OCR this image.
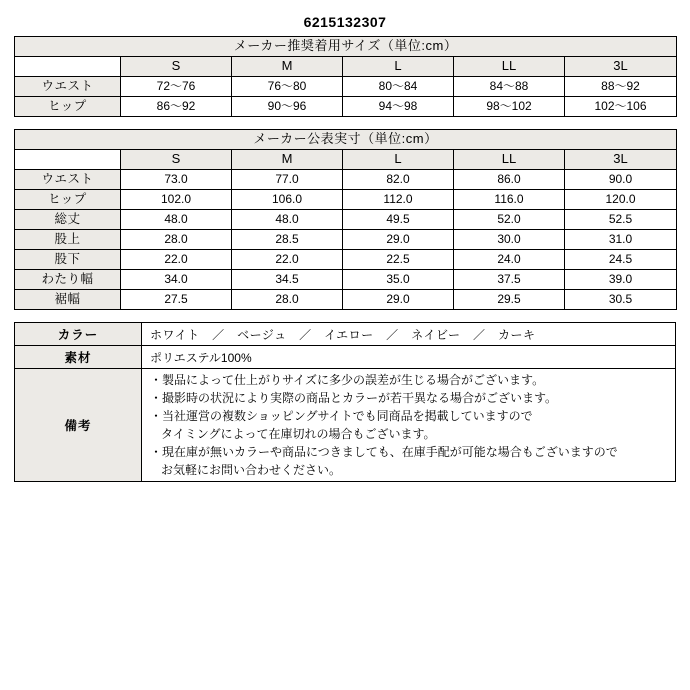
6215132307
メーカー推奨着用サイズ（単位:cm）					
	S	M	L	LL	3L
ウエスト	72〜76	76〜80	80〜84	84〜88	88〜92
ヒップ	86〜92	90〜96	94〜98	98〜102	102〜106
メーカー公表実寸（単位:cm）					
	S	M	L	LL	3L
ウエスト	73.0	77.0	82.0	86.0	90.0
ヒップ	102.0	106.0	112.0	116.0	120.0
総丈	48.0	48.0	49.5	52.0	52.5
股上	28.0	28.5	29.0	30.0	31.0
股下	22.0	22.0	22.5	24.0	24.5
わたり幅	34.0	34.5	35.0	37.5	39.0
裾幅	27.5	28.0	29.0	29.5	30.5
カラー	ホワイト　／　ベージュ　／　イエロー　／　ネイビー　／　カーキ
素材	ポリエステル100%
備考	
・製品によって仕上がりサイズに多少の誤差が生じる場合がございます。
・撮影時の状況により実際の商品とカラーが若干異なる場合がございます。
・当社運営の複数ショッピングサイトでも同商品を掲載していますので
タイミングによって在庫切れの場合もございます。
・現在庫が無いカラーや商品につきましても、在庫手配が可能な場合もございますので
お気軽にお問い合わせください。
